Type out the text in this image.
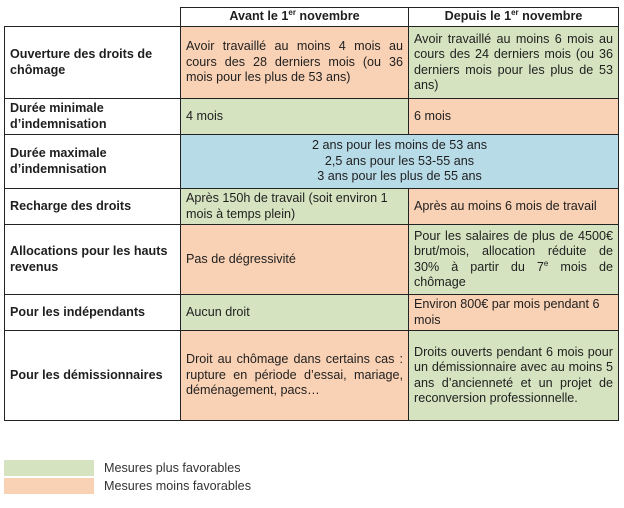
	Avant le 1er novembre	Depuis le 1er novembre
Ouverture des droits de chômage	Avoir travaillé au moins 4 mois au cours des 28 derniers mois (ou 36 mois pour les plus de 53 ans)	Avoir travaillé au moins 6 mois au cours des 24 derniers mois (ou 36 derniers mois pour les plus de 53 ans)
Durée minimale d’indemnisation	4 mois	6 mois
Durée maximale d’indemnisation	2 ans pour les moins de 53 ans
2,5 ans pour les 53-55 ans
3 ans pour les plus de 55 ans	

Recharge des droits	Après 150h de travail (soit environ 1 mois à temps plein)	Après au moins 6 mois de travail
Allocations pour les hauts revenus	Pas de dégressivité	Pour les salaires de plus de 4500€ brut/mois, allocation réduite de 30% à partir du 7e mois de chômage
Pour les indépendants	Aucun droit	Environ 800€ par mois pendant 6 mois
Pour les démissionnaires	Droit au chômage dans certains cas : rupture en période d’essai, mariage, déménagement, pacs…	Droits ouverts pendant 6 mois pour un démissionnaire avec au moins 5 ans d’ancienneté et un projet de reconversion professionnelle.
Mesures plus favorables
Mesures moins favorables
